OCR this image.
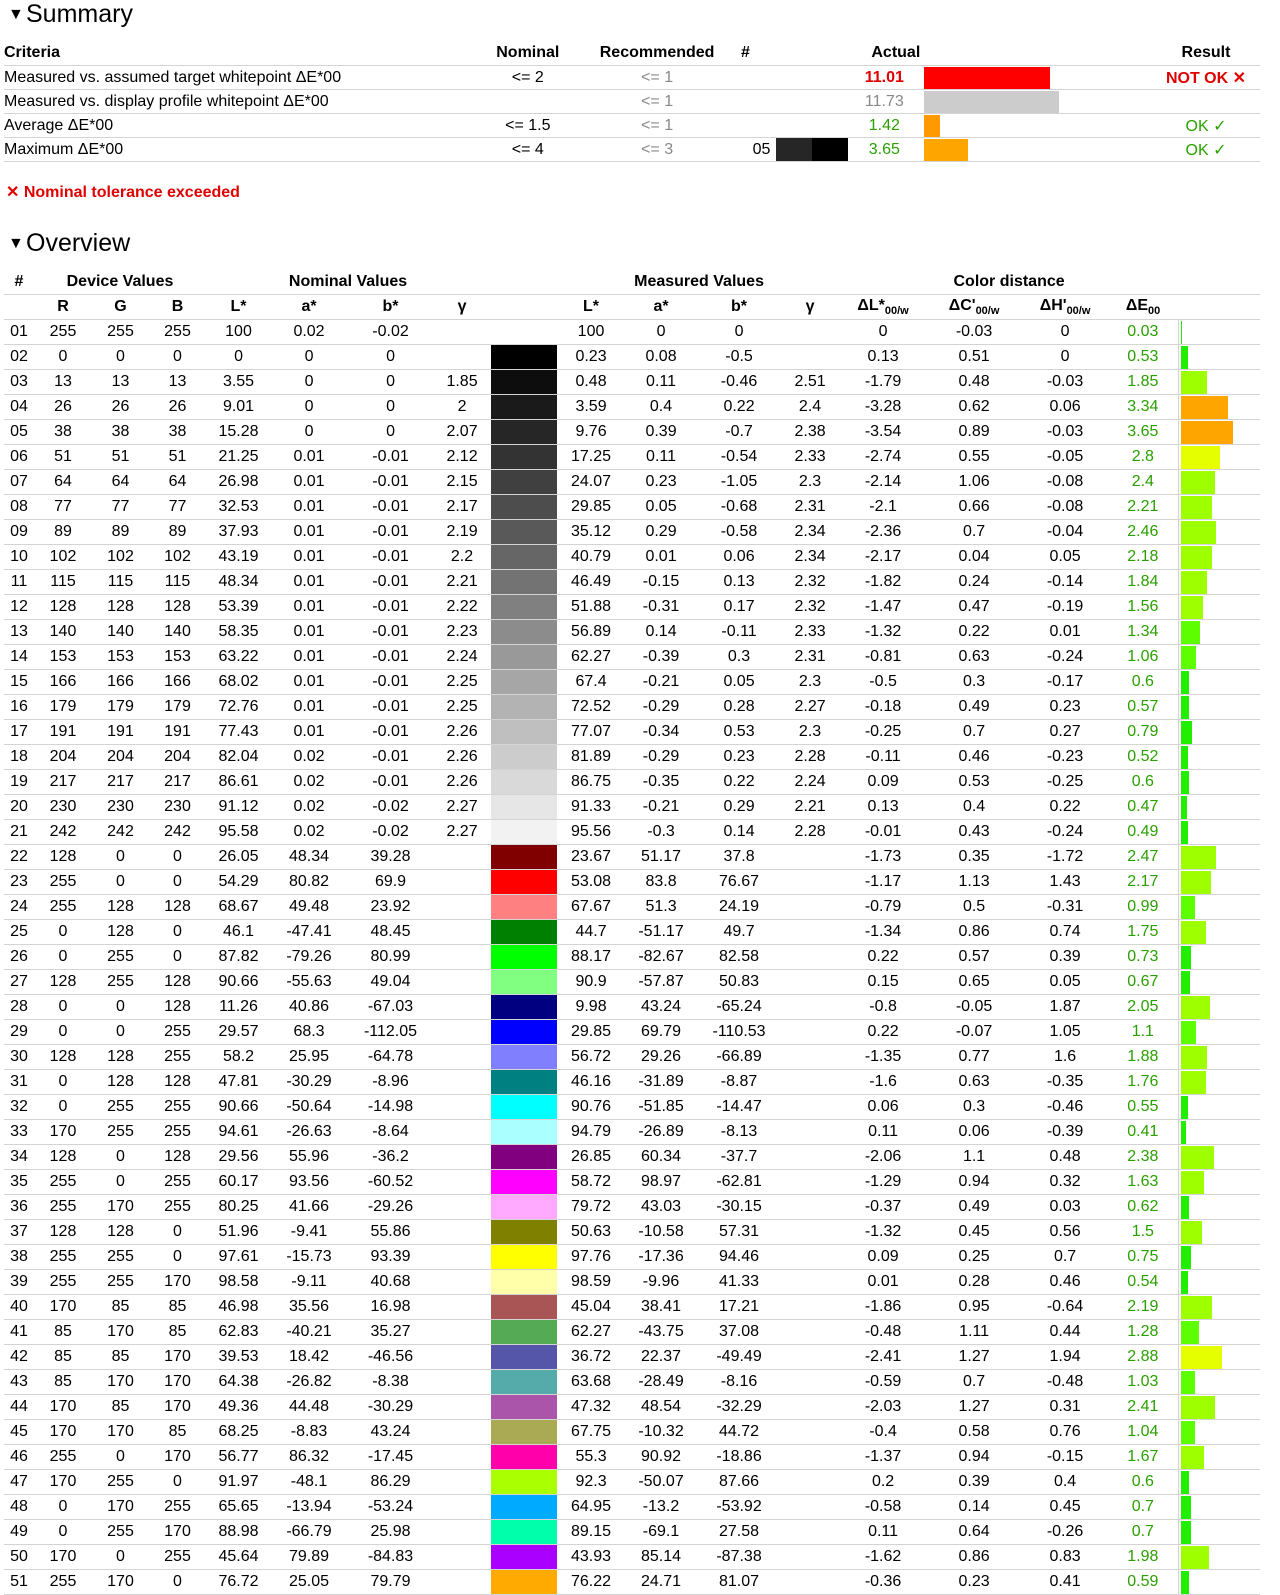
▼Summary
Criteria	Nominal	Recommended	#	Actual			Result
Measured vs. assumed target whitepoint ΔE*00	<= 2	<= 1			11.01		NOT OK ✕
Measured vs. display profile whitepoint ΔE*00		<= 1			11.73	

Average ΔE*00	<= 1.5	<= 1			1.42		OK ✓
Maximum ΔE*00	<= 4	<= 3	05		3.65		OK ✓
✕ Nominal tolerance exceeded
▼Overview
#	Device Values			Nominal Values					Measured Values				Color distance				
	R	G	B	L*	a*	b*	γ		L*	a*	b*	γ	$\Delta L*_{00/w}$	$\Delta C'_{00/w}$	$\Delta H'_{00/w}$	$\Delta E_{00}$	
01	255	255	255	100	0.02	-0.02			100	0	0		0	-0.03	0	0.03	

02	0	0	0	0	0	0			0.23	0.08	-0.5		0.13	0.51	0	0.53	

03	13	13	13	3.55	0	0	1.85		0.48	0.11	-0.46	2.51	-1.79	0.48	-0.03	1.85	

04	26	26	26	9.01	0	0	2		3.59	0.4	0.22	2.4	-3.28	0.62	0.06	3.34	

05	38	38	38	15.28	0	0	2.07		9.76	0.39	-0.7	2.38	-3.54	0.89	-0.03	3.65	

06	51	51	51	21.25	0.01	-0.01	2.12		17.25	0.11	-0.54	2.33	-2.74	0.55	-0.05	2.8	

07	64	64	64	26.98	0.01	-0.01	2.15		24.07	0.23	-1.05	2.3	-2.14	1.06	-0.08	2.4	

08	77	77	77	32.53	0.01	-0.01	2.17		29.85	0.05	-0.68	2.31	-2.1	0.66	-0.08	2.21	

09	89	89	89	37.93	0.01	-0.01	2.19		35.12	0.29	-0.58	2.34	-2.36	0.7	-0.04	2.46	

10	102	102	102	43.19	0.01	-0.01	2.2		40.79	0.01	0.06	2.34	-2.17	0.04	0.05	2.18	

11	115	115	115	48.34	0.01	-0.01	2.21		46.49	-0.15	0.13	2.32	-1.82	0.24	-0.14	1.84	

12	128	128	128	53.39	0.01	-0.01	2.22		51.88	-0.31	0.17	2.32	-1.47	0.47	-0.19	1.56	

13	140	140	140	58.35	0.01	-0.01	2.23		56.89	0.14	-0.11	2.33	-1.32	0.22	0.01	1.34	

14	153	153	153	63.22	0.01	-0.01	2.24		62.27	-0.39	0.3	2.31	-0.81	0.63	-0.24	1.06	

15	166	166	166	68.02	0.01	-0.01	2.25		67.4	-0.21	0.05	2.3	-0.5	0.3	-0.17	0.6	

16	179	179	179	72.76	0.01	-0.01	2.25		72.52	-0.29	0.28	2.27	-0.18	0.49	0.23	0.57	

17	191	191	191	77.43	0.01	-0.01	2.26		77.07	-0.34	0.53	2.3	-0.25	0.7	0.27	0.79	

18	204	204	204	82.04	0.02	-0.01	2.26		81.89	-0.29	0.23	2.28	-0.11	0.46	-0.23	0.52	

19	217	217	217	86.61	0.02	-0.01	2.26		86.75	-0.35	0.22	2.24	0.09	0.53	-0.25	0.6	

20	230	230	230	91.12	0.02	-0.02	2.27		91.33	-0.21	0.29	2.21	0.13	0.4	0.22	0.47	

21	242	242	242	95.58	0.02	-0.02	2.27		95.56	-0.3	0.14	2.28	-0.01	0.43	-0.24	0.49	

22	128	0	0	26.05	48.34	39.28			23.67	51.17	37.8		-1.73	0.35	-1.72	2.47	

23	255	0	0	54.29	80.82	69.9			53.08	83.8	76.67		-1.17	1.13	1.43	2.17	

24	255	128	128	68.67	49.48	23.92			67.67	51.3	24.19		-0.79	0.5	-0.31	0.99	

25	0	128	0	46.1	-47.41	48.45			44.7	-51.17	49.7		-1.34	0.86	0.74	1.75	

26	0	255	0	87.82	-79.26	80.99			88.17	-82.67	82.58		0.22	0.57	0.39	0.73	

27	128	255	128	90.66	-55.63	49.04			90.9	-57.87	50.83		0.15	0.65	0.05	0.67	

28	0	0	128	11.26	40.86	-67.03			9.98	43.24	-65.24		-0.8	-0.05	1.87	2.05	

29	0	0	255	29.57	68.3	-112.05			29.85	69.79	-110.53		0.22	-0.07	1.05	1.1	

30	128	128	255	58.2	25.95	-64.78			56.72	29.26	-66.89		-1.35	0.77	1.6	1.88	

31	0	128	128	47.81	-30.29	-8.96			46.16	-31.89	-8.87		-1.6	0.63	-0.35	1.76	

32	0	255	255	90.66	-50.64	-14.98			90.76	-51.85	-14.47		0.06	0.3	-0.46	0.55	

33	170	255	255	94.61	-26.63	-8.64			94.79	-26.89	-8.13		0.11	0.06	-0.39	0.41	

34	128	0	128	29.56	55.96	-36.2			26.85	60.34	-37.7		-2.06	1.1	0.48	2.38	

35	255	0	255	60.17	93.56	-60.52			58.72	98.97	-62.81		-1.29	0.94	0.32	1.63	

36	255	170	255	80.25	41.66	-29.26			79.72	43.03	-30.15		-0.37	0.49	0.03	0.62	

37	128	128	0	51.96	-9.41	55.86			50.63	-10.58	57.31		-1.32	0.45	0.56	1.5	

38	255	255	0	97.61	-15.73	93.39			97.76	-17.36	94.46		0.09	0.25	0.7	0.75	

39	255	255	170	98.58	-9.11	40.68			98.59	-9.96	41.33		0.01	0.28	0.46	0.54	

40	170	85	85	46.98	35.56	16.98			45.04	38.41	17.21		-1.86	0.95	-0.64	2.19	

41	85	170	85	62.83	-40.21	35.27			62.27	-43.75	37.08		-0.48	1.11	0.44	1.28	

42	85	85	170	39.53	18.42	-46.56			36.72	22.37	-49.49		-2.41	1.27	1.94	2.88	

43	85	170	170	64.38	-26.82	-8.38			63.68	-28.49	-8.16		-0.59	0.7	-0.48	1.03	

44	170	85	170	49.36	44.48	-30.29			47.32	48.54	-32.29		-2.03	1.27	0.31	2.41	

45	170	170	85	68.25	-8.83	43.24			67.75	-10.32	44.72		-0.4	0.58	0.76	1.04	

46	255	0	170	56.77	86.32	-17.45			55.3	90.92	-18.86		-1.37	0.94	-0.15	1.67	

47	170	255	0	91.97	-48.1	86.29			92.3	-50.07	87.66		0.2	0.39	0.4	0.6	

48	0	170	255	65.65	-13.94	-53.24			64.95	-13.2	-53.92		-0.58	0.14	0.45	0.7	

49	0	255	170	88.98	-66.79	25.98			89.15	-69.1	27.58		0.11	0.64	-0.26	0.7	

50	170	0	255	45.64	79.89	-84.83			43.93	85.14	-87.38		-1.62	0.86	0.83	1.98	

51	255	170	0	76.72	25.05	79.79			76.22	24.71	81.07		-0.36	0.23	0.41	0.59	
